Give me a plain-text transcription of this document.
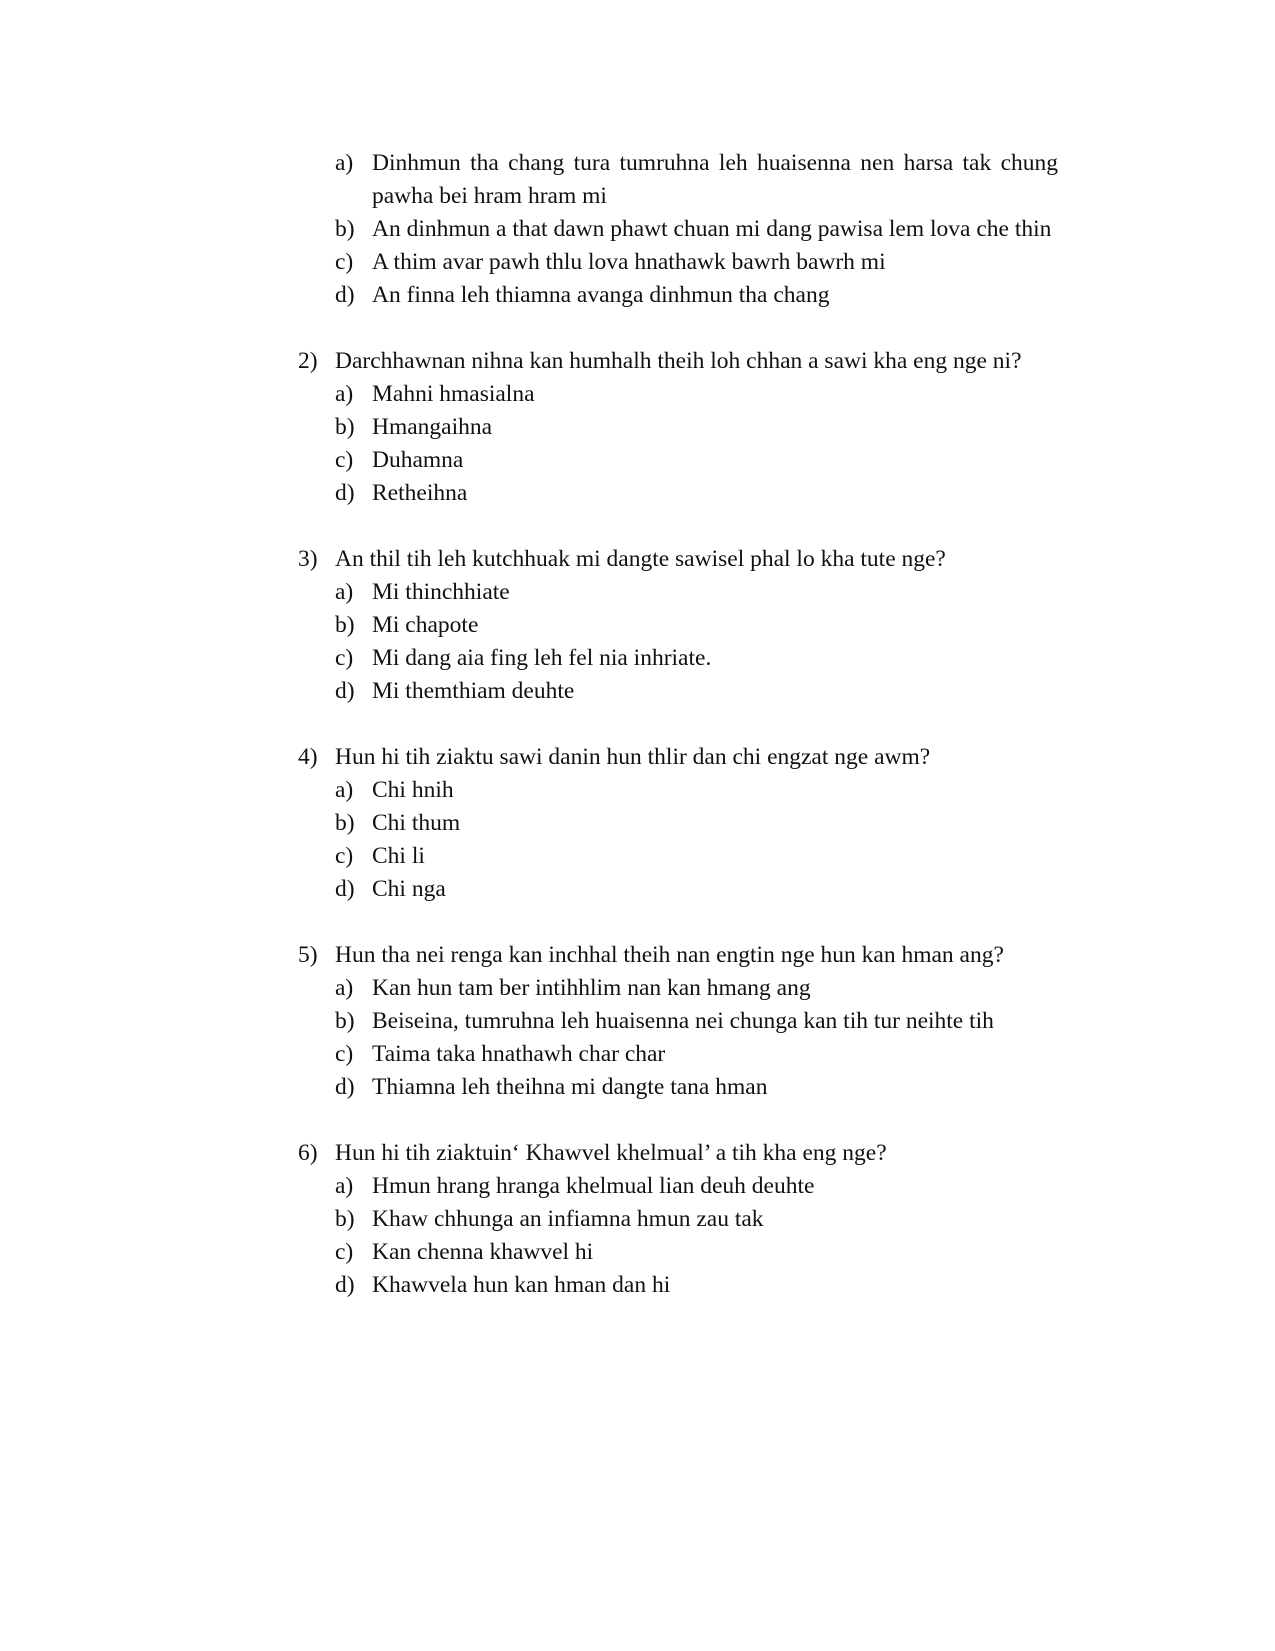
a) Dinhmun tha chang tura tumruhna leh huaisenna nen harsa tak chung pawha bei hram hram mi
b) An dinhmun a that dawn phawt chuan mi dang pawisa lem lova che thin
c) A thim avar pawh thlu lova hnathawk bawrh bawrh mi
d) An finna leh thiamna avanga dinhmun tha chang
2) Darchhawnan nihna kan humhalh theih loh chhan a sawi kha eng nge ni?
a) Mahni hmasialna
b) Hmangaihna
c) Duhamna
d) Retheihna
3) An thil tih leh kutchhuak mi dangte sawisel phal lo kha tute nge?
a) Mi thinchhiate
b) Mi chapote
c) Mi dang aia fing leh fel nia inhriate.
d) Mi themthiam deuhte
4) Hun hi tih ziaktu sawi danin hun thlir dan chi engzat nge awm?
a) Chi hnih
b) Chi thum
c) Chi li
d) Chi nga
5) Hun tha nei renga kan inchhal theih nan engtin nge hun kan hman ang?
a) Kan hun tam ber intihhlim nan kan hmang ang
b) Beiseina, tumruhna leh huaisenna nei chunga kan tih tur neihte tih
c) Taima taka hnathawh char char
d) Thiamna leh theihna mi dangte tana hman
6) Hun hi tih ziaktuin‘ Khawvel khelmual’ a tih kha eng nge?
a) Hmun hrang hranga khelmual lian deuh deuhte
b) Khaw chhunga an infiamna hmun zau tak
c) Kan chenna khawvel hi
d) Khawvela hun kan hman dan hi
